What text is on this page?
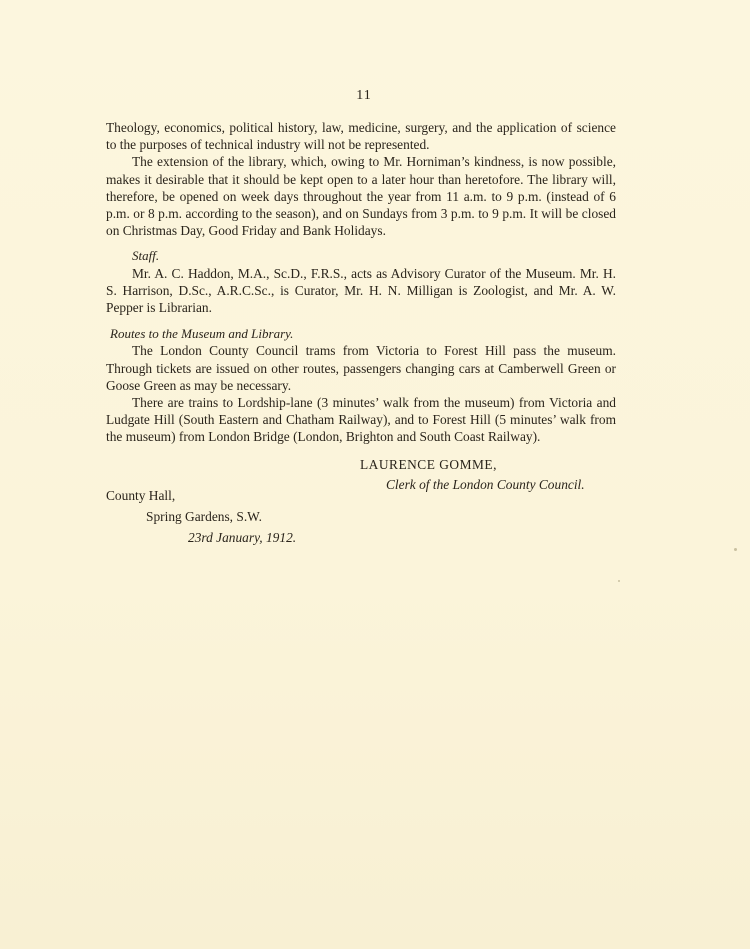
11

Theology, economics, political history, law, medicine, surgery, and the application of science to the purposes of technical industry will not be represented.

The extension of the library, which, owing to Mr. Horniman’s kindness, is now possible, makes it desirable that it should be kept open to a later hour than heretofore. The library will, therefore, be opened on week days throughout the year from 11 a.m. to 9 p.m. (instead of 6 p.m. or 8 p.m. according to the season), and on Sundays from 3 p.m. to 9 p.m. It will be closed on Christmas Day, Good Friday and Bank Holidays.

Staff.

Mr. A. C. Haddon, M.A., Sc.D., F.R.S., acts as Advisory Curator of the Museum. Mr. H. S. Harrison, D.Sc., A.R.C.Sc., is Curator, Mr. H. N. Milligan is Zoologist, and Mr. A. W. Pepper is Librarian.

Routes to the Museum and Library.

The London County Council trams from Victoria to Forest Hill pass the museum. Through tickets are issued on other routes, passengers changing cars at Camberwell Green or Goose Green as may be necessary.

There are trains to Lordship-lane (3 minutes’ walk from the museum) from Victoria and Ludgate Hill (South Eastern and Chatham Railway), and to Forest Hill (5 minutes’ walk from the museum) from London Bridge (London, Brighton and South Coast Railway).

LAURENCE GOMME,
Clerk of the London County Council.
County Hall,
Spring Gardens, S.W.
23rd January, 1912.
